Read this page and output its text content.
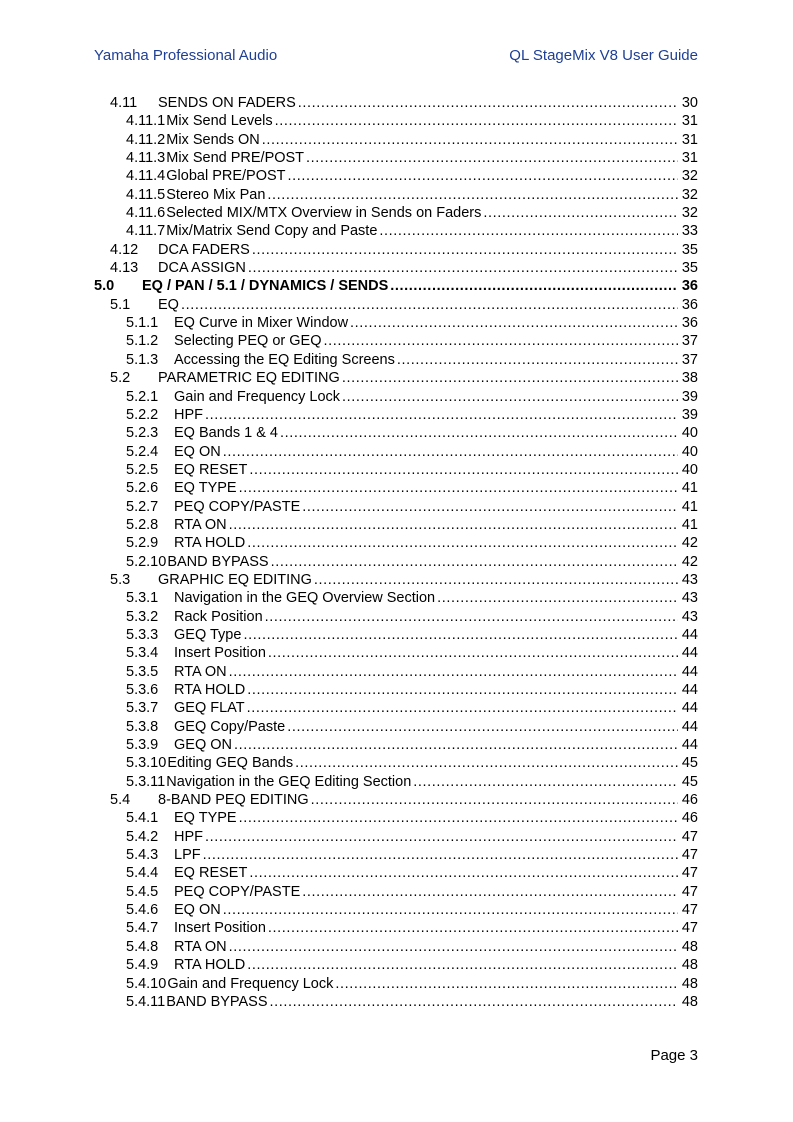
Yamaha Professional Audio	QL StageMix V8 User Guide
4.11	SENDS ON FADERS .....	30
4.11.1 Mix Send Levels .....	31
4.11.2 Mix Sends ON .....	31
4.11.3 Mix Send PRE/POST .....	31
4.11.4 Global PRE/POST .....	32
4.11.5 Stereo Mix Pan .....	32
4.11.6 Selected MIX/MTX Overview in Sends on Faders .....	32
4.11.7 Mix/Matrix Send Copy and Paste .....	33
4.12	DCA FADERS .....	35
4.13	DCA ASSIGN .....	35
5.0	EQ / PAN / 5.1 / DYNAMICS / SENDS .....	36
5.1	EQ .....	36
5.1.1	EQ Curve in Mixer Window .....	36
5.1.2	Selecting PEQ or GEQ .....	37
5.1.3	Accessing the EQ Editing Screens .....	37
5.2	PARAMETRIC EQ EDITING .....	38
5.2.1	Gain and Frequency Lock .....	39
5.2.2	HPF .....	39
5.2.3	EQ Bands 1 & 4 .....	40
5.2.4	EQ ON .....	40
5.2.5	EQ RESET .....	40
5.2.6	EQ TYPE .....	41
5.2.7	PEQ COPY/PASTE .....	41
5.2.8	RTA ON .....	41
5.2.9	RTA HOLD .....	42
5.2.10 BAND BYPASS .....	42
5.3	GRAPHIC EQ EDITING .....	43
5.3.1	Navigation in the GEQ Overview Section .....	43
5.3.2	Rack Position .....	43
5.3.3	GEQ Type .....	44
5.3.4	Insert Position .....	44
5.3.5	RTA ON .....	44
5.3.6	RTA HOLD .....	44
5.3.7	GEQ FLAT .....	44
5.3.8	GEQ Copy/Paste .....	44
5.3.9	GEQ ON .....	44
5.3.10 Editing GEQ Bands .....	45
5.3.11 Navigation in the GEQ Editing Section .....	45
5.4	8-BAND PEQ EDITING .....	46
5.4.1	EQ TYPE .....	46
5.4.2	HPF .....	47
5.4.3	LPF .....	47
5.4.4	EQ RESET .....	47
5.4.5	PEQ COPY/PASTE .....	47
5.4.6	EQ ON .....	47
5.4.7	Insert Position .....	47
5.4.8	RTA ON .....	48
5.4.9	RTA HOLD .....	48
5.4.10 Gain and Frequency Lock .....	48
5.4.11 BAND BYPASS .....	48
Page 3
